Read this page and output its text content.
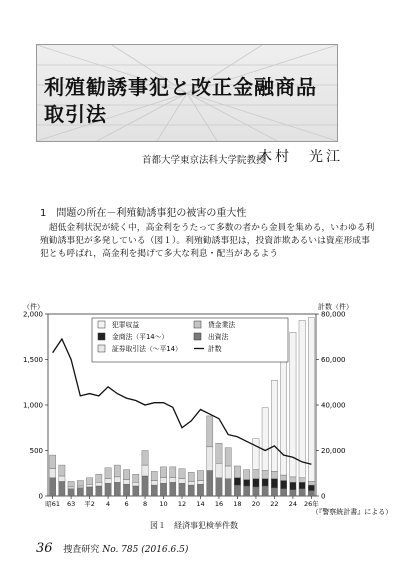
利殖勧誘事犯と改正金融商品
取引法
首都大学東京法科大学院教授
木村　光江
1　問題の所在－利殖勧誘事犯の被害の重大性

超低金利状況が続く中，高金利をうたって多数の者から金員を集める，いわゆる利殖勧誘事犯が多発している（図１）。利殖勧誘事犯は，投資詐欺あるいは資産形成事犯とも呼ばれ，高金利を掲げて多大な利息・配当があるよう

（件）	計数（件）
2,000
1,500
1,000
500
0
80,000
60,000
40,000
20,000
0
昭61 63 平2 4 6 8 10 12 14 16 18 20 22 24 26年
（『警察統計書』による）
犯罪収益	貸金業法
金商法（平14～）	出資法
証券取引法（～平14）	計数
図１　経済事犯検挙件数
36 捜査研究 No. 785 (2016.6.5)
